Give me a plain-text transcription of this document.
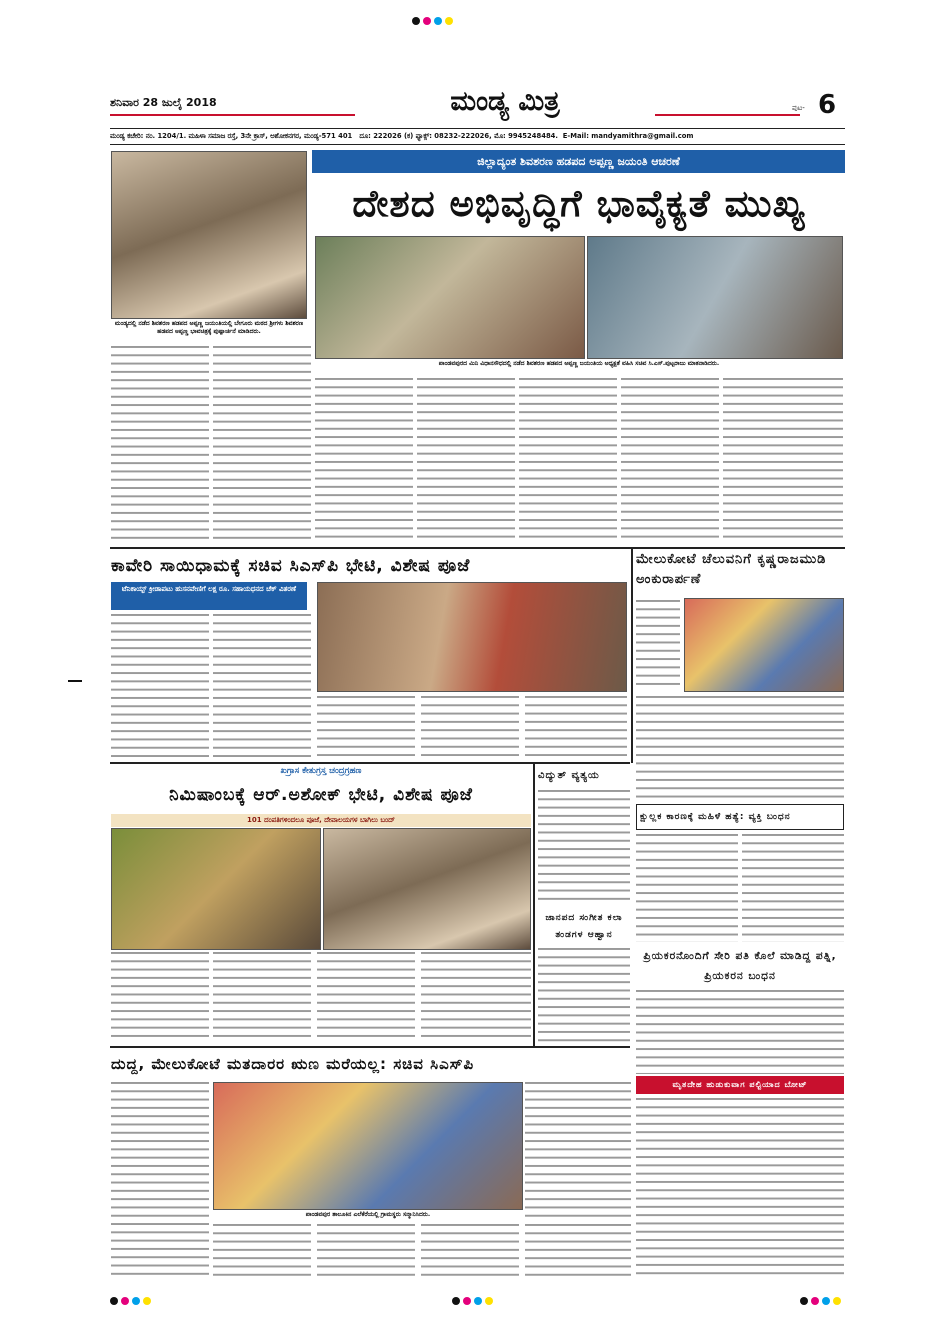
ಶನಿವಾರ 28 ಜುಲೈ 2018	ಮಂಡ್ಯ ಮಿತ್ರ	ಪುಟ- 6
ಮಂಡ್ಯ ಕಚೇರಿ: ನಂ. 1204/1. ಮಹಿಳಾ ಸಮಾಜ ರಸ್ತೆ, 3ನೇ ಕ್ರಾಸ್, ಅಶೋಕನಗರ, ಮಂಡ್ಯ-571 401 ದೂ: 222026 (ಕ) ಫ್ಯಾಕ್ಸ್: 08232-222026, ಮೊ: 9945248484. E-Mail: mandyamithra@gmail.com
ಮಂಡ್ಯದಲ್ಲಿ ನಡೆದ ಶಿವಶರಣ ಹಡಪದ ಅಪ್ಪಣ್ಣ ಜಯಂತಿಯಲ್ಲಿ ಬೇಗೂರು ಮಠದ ಶ್ರೀಗಳು ಶಿವಶರಣ ಹಡಪದ ಅಪ್ಪಣ್ಣ ಭಾವಚಿತ್ರಕ್ಕೆ ಪುಷ್ಪಾರ್ಚನೆ ಮಾಡಿದರು.
ಜಿಲ್ಲಾದ್ಯಂತ ಶಿವಶರಣ ಹಡಪದ ಅಪ್ಪಣ್ಣ ಜಯಂತಿ ಆಚರಣೆ
ದೇಶದ ಅಭಿವೃದ್ಧಿಗೆ ಭಾವೈಕ್ಯತೆ ಮುಖ್ಯ
ಪಾಂಡವಪುರದ ಮಿನಿ ವಿಧಾನಸೌಧದಲ್ಲಿ ನಡೆದ ಶಿವಶರಣ ಹಡಪದ ಅಪ್ಪಣ್ಣ ಜಯಂತಿಯ ಅಧ್ಯಕ್ಷತೆ ವಹಿಸಿ ಸಚಿವ ಸಿ.ಎಸ್.ಪುಟ್ಟರಾಜು ಮಾತನಾಡಿದರು.
ಕಾವೇರಿ ಸಾಯಿಧಾಮಕ್ಕೆ ಸಚಿವ ಸಿಎಸ್‌ಪಿ ಭೇಟಿ, ವಿಶೇಷ ಪೂಜೆ
ಟೆನಿಕಾಯ್ಟ್ ಕ್ರೀಡಾಪಟು ಹುಸನವೇಣಿಗೆ ಲಕ್ಷ ರೂ. ಸಹಾಯಧನದ ಚೆಕ್ ವಿತರಣೆ
ಮೇಲುಕೋಟೆ ಚೆಲುವನಿಗೆ ಕೃಷ್ಣರಾಜಮುಡಿ ಅಂಕುರಾರ್ಪಣೆ
ಖಗ್ರಾಸ ಕೇತುಗ್ರಸ್ತ ಚಂದ್ರಗ್ರಹಣ
ನಿಮಿಷಾಂಬಕ್ಕೆ ಆರ್.ಅಶೋಕ್ ಭೇಟಿ, ವಿಶೇಷ ಪೂಜೆ
101 ದಂಪತಿಗಳಿಂದಲೂ ಪೂಜೆ, ದೇವಾಲಯಗಳ ಬಾಗಿಲು ಬಂದ್
ವಿದ್ಯುತ್ ವ್ಯತ್ಯಯ
ಜಾನಪದ ಸಂಗೀತ ಕಲಾ ತಂಡಗಳ ಆಹ್ವಾನ
ಕ್ಷುಲ್ಲಕ ಕಾರಣಕ್ಕೆ ಮಹಿಳೆ ಹತ್ಯೆ: ವ್ಯಕ್ತಿ ಬಂಧನ
ಪ್ರಿಯಕರನೊಂದಿಗೆ ಸೇರಿ ಪತಿ ಕೊಲೆ ಮಾಡಿದ್ದ ಪತ್ನಿ, ಪ್ರಿಯಕರನ ಬಂಧನ
ದುದ್ದ, ಮೇಲುಕೋಟೆ ಮತದಾರರ ಋಣ ಮರೆಯಲ್ಲ: ಸಚಿವ ಸಿಎಸ್‌ಪಿ
ಪಾಂಡವಪುರ ತಾಲೂಕಿನ ಎಲೆಕೆರೆಯಲ್ಲಿ ಗ್ರಾಮಸ್ಥರು ಸನ್ಮಾನಿಸಿದರು.
ಮೃತದೇಹ ಹುಡುಕುವಾಗ ಪಲ್ಟಿಯಾದ ಬೋಟ್
